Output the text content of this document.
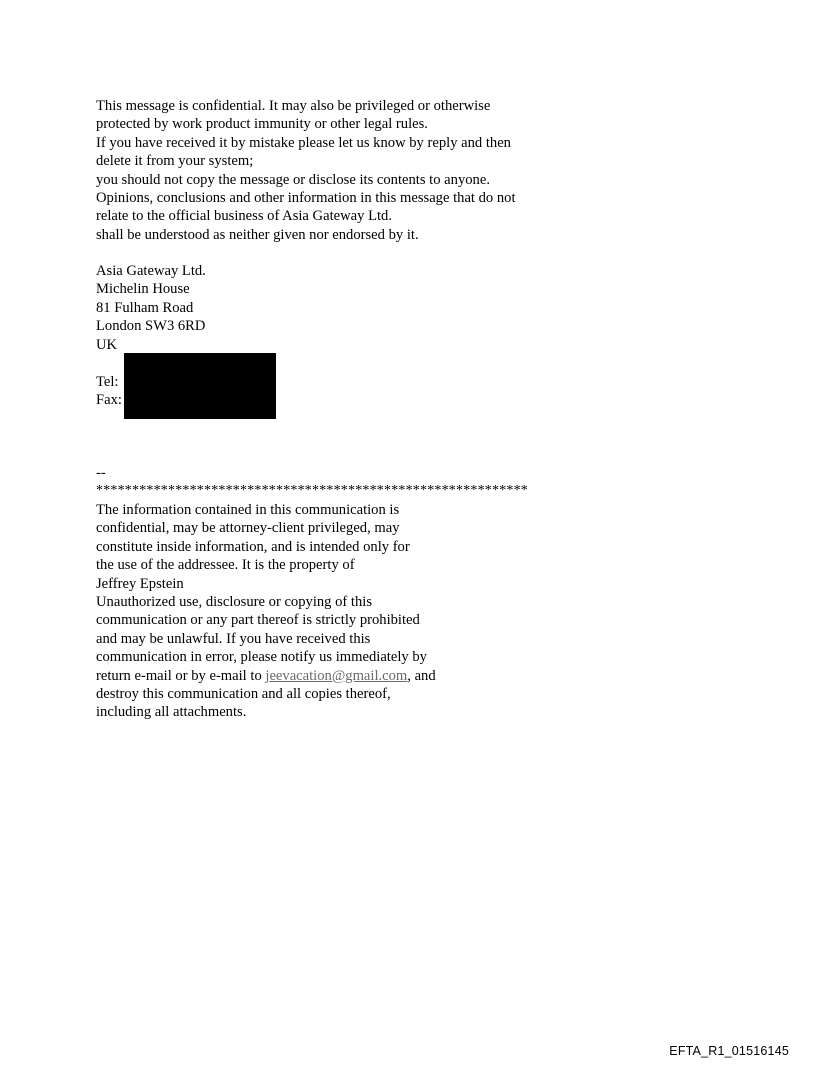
This message is confidential. It may also be privileged or otherwise
protected by work product immunity or other legal rules.
If you have received it by mistake please let us know by reply and then
delete it from your system;
you should not copy the message or disclose its contents to anyone.
Opinions, conclusions and other information in this message that do not
relate to the official business of Asia Gateway Ltd.
shall be understood as neither given nor endorsed by it.
Asia Gateway Ltd.
Michelin House
81 Fulham Road
London SW3 6RD
UK
Tel:
Fax:
--
************************************************************
The information contained in this communication is
confidential, may be attorney-client privileged, may
constitute inside information, and is intended only for
the use of the addressee. It is the property of
Jeffrey Epstein
Unauthorized use, disclosure or copying of this
communication or any part thereof is strictly prohibited
and may be unlawful. If you have received this
communication in error, please notify us immediately by
return e-mail or by e-mail to jeevacation@gmail.com, and
destroy this communication and all copies thereof,
including all attachments.
EFTA_R1_01516145
